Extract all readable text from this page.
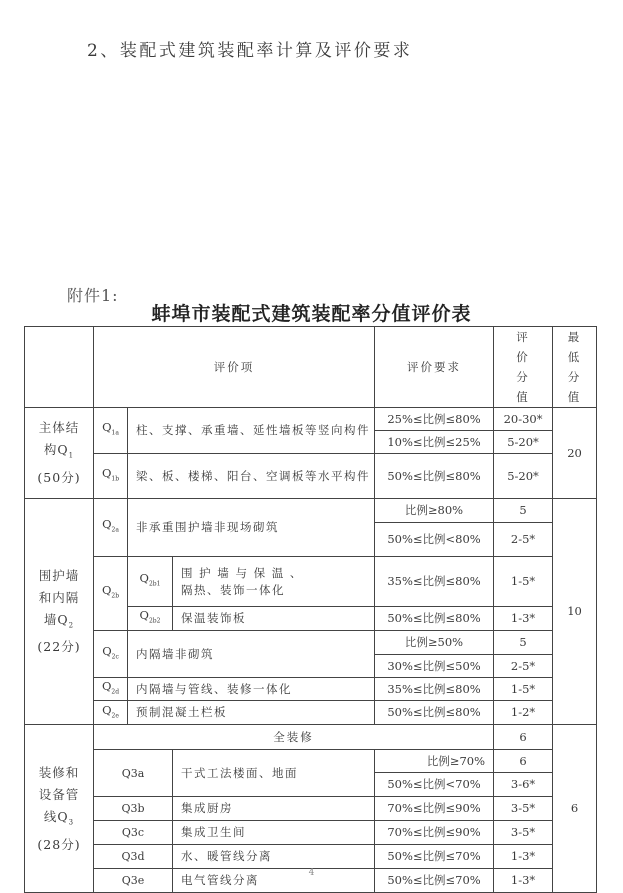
2、装配式建筑装配率计算及评价要求
附件1:
蚌埠市装配式建筑装配率分值评价表
	评价项			评价要求	评价分值	最低分值

主体结
构$Q_1$
(50分)	$Q_{1a}$	柱、支撑、承重墙、延性墙板等竖向构件		25%≤比例≤80%	20-30*	20
				10%≤比例≤25%	5-20*	
	$Q_{1b}$	梁、板、楼梯、阳台、空调板等水平构件		50%≤比例≤80%	5-20*	

围护墙
和内隔
墙$Q_2$
(22分)	$Q_{2a}$	非承重围护墙非现场砌筑		比例≥80%	5	10
				50%≤比例<80%	2-5*	
	$Q_{2b}$	$Q_{2b1}$	围 护 墙 与 保 温 、
隔热、装饰一体化	35%≤比例≤80%	1-5*	
		$Q_{2b2}$	保温装饰板	50%≤比例≤80%	1-3*	
	$Q_{2c}$	内隔墙非砌筑		比例≥50%	5	
				30%≤比例≤50%	2-5*	
	$Q_{2d}$	内隔墙与管线、装修一体化		35%≤比例≤80%	1-5*	
	$Q_{2e}$	预制混凝土栏板		50%≤比例≤80%	1-2*	

装修和
设备管
线$Q_3$
(28分)	全装修				6	6
	Q3a		干式工法楼面、地面	比例≥70%	6	
				50%≤比例<70%	3-6*	
	Q3b		集成厨房	70%≤比例≤90%	3-5*	
	Q3c		集成卫生间	70%≤比例≤90%	3-5*	
	Q3d		水、暖管线分离	50%≤比例≤70%	1-3*	
	Q3e		电气管线分离	50%≤比例≤70%	1-3*	
4
